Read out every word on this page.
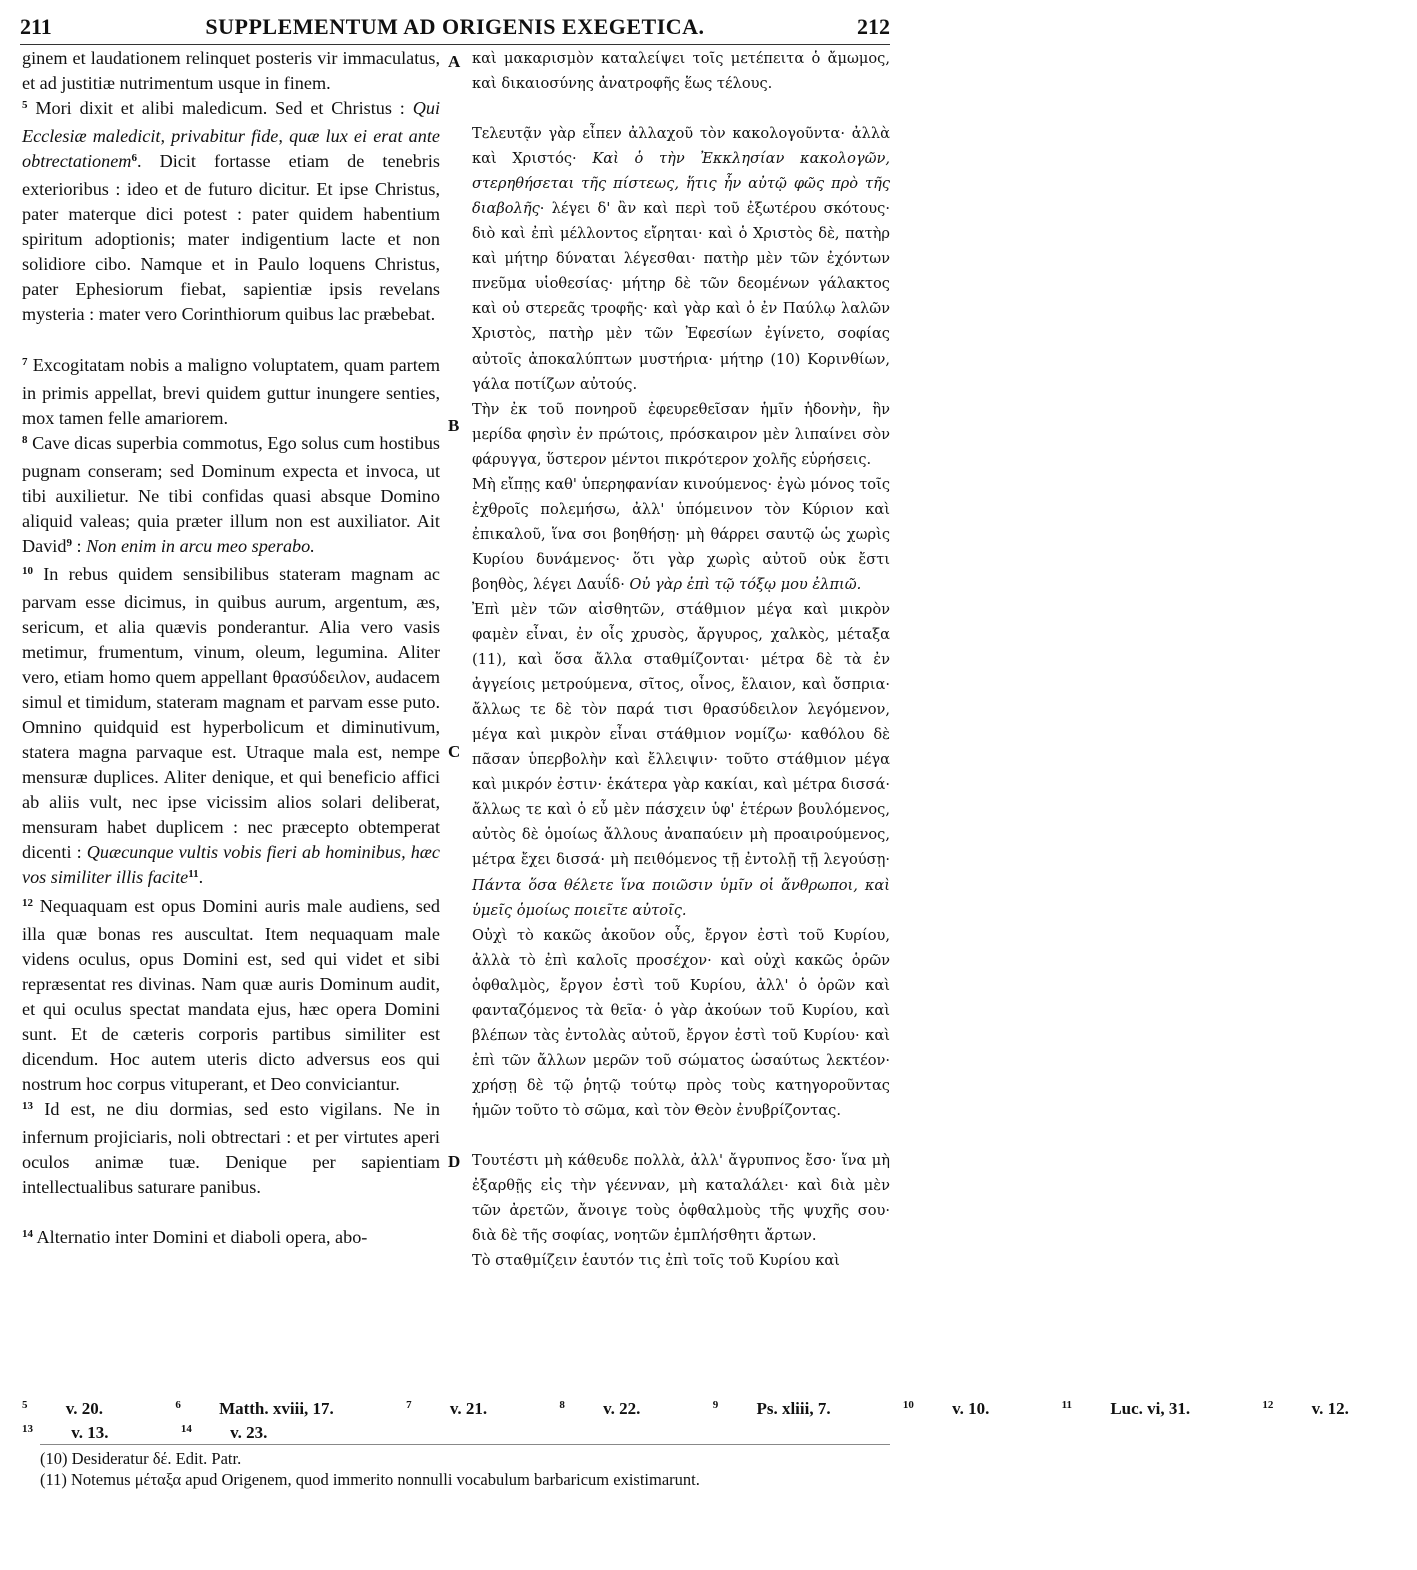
211	SUPPLEMENTUM AD ORIGENIS EXEGETICA.	212
A
B
C
D

ginem et laudationem relinquet posteris vir immaculatus, et ad justitiæ nutrimentum usque in finem.

$^5$ Mori dixit et alibi maledicum. Sed et Christus : Qui Ecclesiæ maledicit, privabitur fide, quæ lux ei erat ante obtrectationem$^6$. Dicit fortasse etiam de tenebris exterioribus : ideo et de futuro dicitur. Et ipse Christus, pater materque dici potest : pater quidem habentium spiritum adoptionis; mater indigentium lacte et non solidiore cibo. Namque et in Paulo loquens Christus, pater Ephesiorum fiebat, sapientiæ ipsis revelans mysteria : mater vero Corinthiorum quibus lac præbebat.

$^7$ Excogitatam nobis a maligno voluptatem, quam partem in primis appellat, brevi quidem guttur inungere senties, mox tamen felle amariorem.

$^8$ Cave dicas superbia commotus, Ego solus cum hostibus pugnam conseram; sed Dominum expecta et invoca, ut tibi auxilietur. Ne tibi confidas quasi absque Domino aliquid valeas; quia præter illum non est auxiliator. Ait David$^9$ : Non enim in arcu meo sperabo.

$^{10}$ In rebus quidem sensibilibus stateram magnam ac parvam esse dicimus, in quibus aurum, argentum, æs, sericum, et alia quævis ponderantur. Alia vero vasis metimur, frumentum, vinum, oleum, legumina. Aliter vero, etiam homo quem appellant θρασύδειλον, audacem simul et timidum, stateram magnam et parvam esse puto. Omnino quidquid est hyperbolicum et diminutivum, statera magna parvaque est. Utraque mala est, nempe mensuræ duplices. Aliter denique, et qui beneficio affici ab aliis vult, nec ipse vicissim alios solari deliberat, mensuram habet duplicem : nec præcepto obtemperat dicenti : Quæcunque vultis vobis fieri ab hominibus, hæc vos similiter illis facite$^{11}$.

$^{12}$ Nequaquam est opus Domini auris male audiens, sed illa quæ bonas res auscultat. Item nequaquam male videns oculus, opus Domini est, sed qui videt et sibi repræsentat res divinas. Nam quæ auris Dominum audit, et qui oculus spectat mandata ejus, hæc opera Domini sunt. Et de cæteris corporis partibus similiter est dicendum. Hoc autem uteris dicto adversus eos qui nostrum hoc corpus vituperant, et Deo conviciantur.

$^{13}$ Id est, ne diu dormias, sed esto vigilans. Ne in infernum projiciaris, noli obtrectari : et per virtutes aperi oculos animæ tuæ. Denique per sapientiam intellectualibus saturare panibus.

$^{14}$ Alternatio inter Domini et diaboli opera, abo-

καὶ μακαρισμὸν καταλείψει τοῖς μετέπειτα ὁ ἄμωμος, καὶ δικαιοσύνης ἀνατροφῆς ἕως τέλους.

Τελευτᾷν γὰρ εἶπεν ἀλλαχοῦ τὸν κακολογοῦντα· ἀλλὰ καὶ Χριστός· Καὶ ὁ τὴν Ἐκκλησίαν κακολογῶν, στερηθήσεται τῆς πίστεως, ἥτις ἦν αὐτῷ φῶς πρὸ τῆς διαβολῆς· λέγει δ' ἂν καὶ περὶ τοῦ ἐξωτέρου σκότους· διὸ καὶ ἐπὶ μέλλοντος εἴρηται· καὶ ὁ Χριστὸς δὲ, πατὴρ καὶ μήτηρ δύναται λέγεσθαι· πατὴρ μὲν τῶν ἐχόντων πνεῦμα υἱοθεσίας· μήτηρ δὲ τῶν δεομένων γάλακτος καὶ οὐ στερεᾶς τροφῆς· καὶ γὰρ καὶ ὁ ἐν Παύλῳ λαλῶν Χριστὸς, πατὴρ μὲν τῶν Ἐφεσίων ἐγίνετο, σοφίας αὐτοῖς ἀποκαλύπτων μυστήρια· μήτηρ (10) Κορινθίων, γάλα ποτίζων αὐτούς.

Τὴν ἐκ τοῦ πονηροῦ ἐφευρεθεῖσαν ἡμῖν ἡδονὴν, ἣν μερίδα φησὶν ἐν πρώτοις, πρόσκαιρον μὲν λιπαίνει σὸν φάρυγγα, ὕστερον μέντοι πικρότερον χολῆς εὑρήσεις.

Μὴ εἴπῃς καθ' ὑπερηφανίαν κινούμενος· ἐγὼ μόνος τοῖς ἐχθροῖς πολεμήσω, ἀλλ' ὑπόμεινον τὸν Κύριον καὶ ἐπικαλοῦ, ἵνα σοι βοηθήσῃ· μὴ θάρρει σαυτῷ ὡς χωρὶς Κυρίου δυνάμενος· ὅτι γὰρ χωρὶς αὐτοῦ οὐκ ἔστι βοηθὸς, λέγει Δαυΐδ· Οὐ γὰρ ἐπὶ τῷ τόξῳ μου ἐλπιῶ.

Ἐπὶ μὲν τῶν αἰσθητῶν, στάθμιον μέγα καὶ μικρὸν φαμὲν εἶναι, ἐν οἷς χρυσὸς, ἄργυρος, χαλκὸς, μέταξα (11), καὶ ὅσα ἄλλα σταθμίζονται· μέτρα δὲ τὰ ἐν ἀγγείοις μετρούμενα, σῖτος, οἶνος, ἔλαιον, καὶ ὄσπρια· ἄλλως τε δὲ τὸν παρά τισι θρασύδειλον λεγόμενον, μέγα καὶ μικρὸν εἶναι στάθμιον νομίζω· καθόλου δὲ πᾶσαν ὑπερβολὴν καὶ ἔλλειψιν· τοῦτο στάθμιον μέγα καὶ μικρόν ἐστιν· ἑκάτερα γὰρ κακίαι, καὶ μέτρα δισσά· ἄλλως τε καὶ ὁ εὖ μὲν πάσχειν ὑφ' ἑτέρων βουλόμενος, αὐτὸς δὲ ὁμοίως ἄλλους ἀναπαύειν μὴ προαιρούμενος, μέτρα ἔχει δισσά· μὴ πειθόμενος τῇ ἐντολῇ τῇ λεγούσῃ· Πάντα ὅσα θέλετε ἵνα ποιῶσιν ὑμῖν οἱ ἄνθρωποι, καὶ ὑμεῖς ὁμοίως ποιεῖτε αὐτοῖς.

Οὐχὶ τὸ κακῶς ἀκοῦον οὖς, ἔργον ἐστὶ τοῦ Κυρίου, ἀλλὰ τὸ ἐπὶ καλοῖς προσέχον· καὶ οὐχὶ κακῶς ὁρῶν ὀφθαλμὸς, ἔργον ἐστὶ τοῦ Κυρίου, ἀλλ' ὁ ὁρῶν καὶ φανταζόμενος τὰ θεῖα· ὁ γὰρ ἀκούων τοῦ Κυρίου, καὶ βλέπων τὰς ἐντολὰς αὐτοῦ, ἔργον ἐστὶ τοῦ Κυρίου· καὶ ἐπὶ τῶν ἄλλων μερῶν τοῦ σώματος ὡσαύτως λεκτέον· χρήσῃ δὲ τῷ ῥητῷ τούτῳ πρὸς τοὺς κατηγοροῦντας ἡμῶν τοῦτο τὸ σῶμα, καὶ τὸν Θεὸν ἐνυβρίζοντας.

Τουτέστι μὴ κάθευδε πολλὰ, ἀλλ' ἄγρυπνος ἔσο· ἵνα μὴ ἐξαρθῇς εἰς τὴν γέενναν, μὴ καταλάλει· καὶ διὰ μὲν τῶν ἀρετῶν, ἄνοιγε τοὺς ὀφθαλμοὺς τῆς ψυχῆς σου· διὰ δὲ τῆς σοφίας, νοητῶν ἐμπλήσθητι ἄρτων.

Τὸ σταθμίζειν ἑαυτόν τις ἐπὶ τοῖς τοῦ Κυρίου καὶ

$^5$ v. 20.	$^6$ Matth. xviii, 17.	$^7$ v. 21.	$^8$ v. 22.	$^9$ Ps. xliii, 7.	$^{10}$ v. 10.	$^{11}$ Luc. vi, 31.	$^{12}$ v. 12.
$^{13}$ v. 13.	$^{14}$ v. 23.

(10) Desideratur δέ. Edit. Patr.

(11) Notemus μέταξα apud Origenem, quod immerito nonnulli vocabulum barbaricum existimarunt.
